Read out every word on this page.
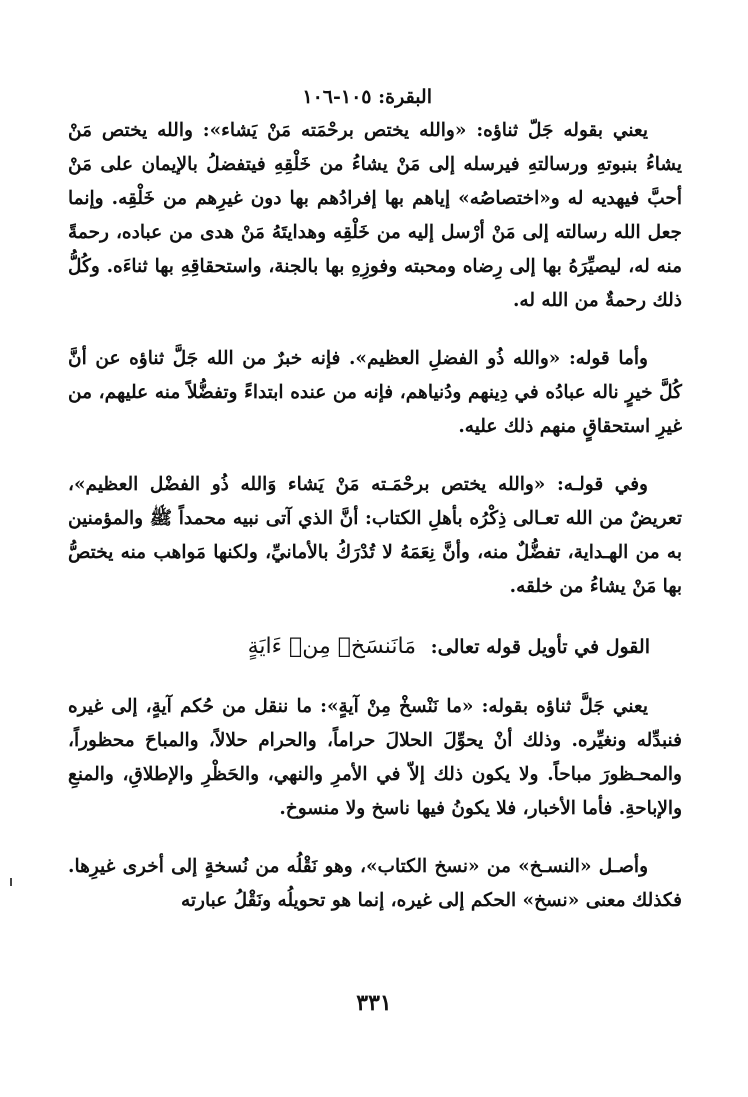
البقرة: ١٠٥-١٠٦

يعني بقوله جَلّ ثناؤه: «والله يختص برحْمَته مَنْ يَشاء»: والله يختص مَنْ يشاءُ بنبوتهِ ورسالتهِ فيرسله إلى مَنْ يشاءُ من خَلْقِهِ فيتفضلُ بالإيمان على مَنْ أحبَّ فيهديه له و«اختصاصُه» إياهم بها إفرادُهم بها دون غيرِهم من خَلْقِه. وإنما جعل الله رسالته إلى مَنْ أرْسل إليه من خَلْقِه وهدايتَهُ مَنْ هدى من عباده، رحمةً منه له، ليصيِّرَهُ بها إلى رِضاه ومحبته وفوزِهِ بها بالجنة، واستحقاقِهِ بها ثناءَه. وكُلُّ ذلك رحمةٌ من الله له.

وأما قوله: «والله ذُو الفضلِ العظيم». فإنه خبرٌ من الله جَلَّ ثناؤه عن أنَّ كُلَّ خيرٍ ناله عبادُه في دِينهم ودُنياهم، فإنه من عنده ابتداءً وتفضُّلاً منه عليهم، من غيرِ استحقاقٍ منهم ذلك عليه.

وفي قولـه: «والله يختص برحْمَـته مَنْ يَشاء وَالله ذُو الفضْل العظيم»، تعريضٌ من الله تعـالى ذِكْرُه بأهلِ الكتاب: أنَّ الذي آتى نبيه محمداً ﷺ والمؤمنين به من الهـداية، تفضُّلٌ منه، وأنَّ نِعَمَهُ لا تُدْرَكُ بالأمانيِّ، ولكنها مَواهب منه يختصُّ بها مَنْ يشاءُ من خلقه.

القول في تأويل قوله تعالى: مَانَنسَخۡ مِنۡ ءَايَةٍ

يعني جَلَّ ثناؤه بقوله: «ما نَنْسخْ مِنْ آيةٍ»: ما ننقل من حُكم آيةٍ، إلى غيره فنبدِّله ونغيِّره. وذلك أنْ يحوِّلَ الحلالَ حراماً، والحرام حلالاً، والمباحَ محظوراً، والمحـظورَ مباحاً. ولا يكون ذلك إلاّ في الأمرِ والنهي، والحَظْرِ والإطلاقِ، والمنعِ والإباحةِ. فأما الأخبار، فلا يكونُ فيها ناسخ ولا منسوخ.

وأصـل «النسـخ» من «نسخ الكتاب»، وهو نَقْلُه من نُسخةٍ إلى أخرى غيرِها. فكذلك معنى «نسخ» الحكم إلى غيره، إنما هو تحويلُه ونَقْلُ عبارته

٣٣١
